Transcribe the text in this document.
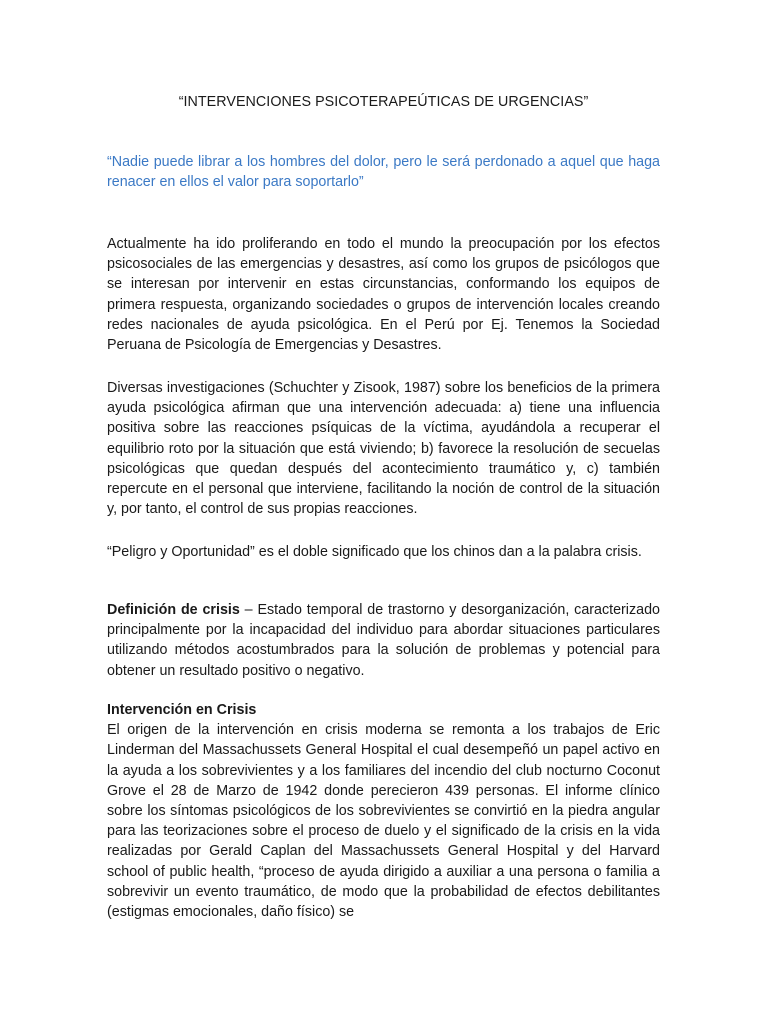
“INTERVENCIONES PSICOTERAPEÚTICAS DE URGENCIAS”
“Nadie puede librar a los hombres del dolor, pero le será perdonado a aquel que haga renacer en ellos el valor para soportarlo”
Actualmente ha ido proliferando en todo el mundo la preocupación por los efectos psicosociales de las emergencias y desastres, así como los grupos de psicólogos que se interesan por intervenir en estas circunstancias, conformando los equipos de primera respuesta, organizando sociedades o grupos de intervención locales creando redes nacionales de ayuda psicológica. En el Perú por Ej. Tenemos la Sociedad Peruana de Psicología de Emergencias y Desastres.
Diversas investigaciones (Schuchter y Zisook, 1987) sobre los beneficios de la primera ayuda psicológica afirman que una intervención adecuada: a) tiene una influencia positiva sobre las reacciones psíquicas de la víctima, ayudándola a recuperar el equilibrio roto por la situación que está viviendo; b) favorece la resolución de secuelas psicológicas que quedan después del acontecimiento traumático y, c) también repercute en el personal que interviene, facilitando la noción de control de la situación y, por tanto, el control de sus propias reacciones.
“Peligro y Oportunidad” es el doble significado que los chinos dan a la palabra crisis.
Definición de crisis – Estado temporal de trastorno y desorganización, caracterizado principalmente por la incapacidad del individuo para abordar situaciones particulares utilizando métodos acostumbrados para la solución de problemas y potencial para obtener un resultado positivo o negativo.
Intervención en Crisis
El origen de la intervención en crisis moderna se remonta a los trabajos de Eric Linderman del Massachussets General Hospital el cual desempeñó un papel activo en la ayuda a los sobrevivientes y a los familiares del incendio del club nocturno Coconut Grove el 28 de Marzo de 1942 donde perecieron 439 personas. El informe clínico sobre los síntomas psicológicos de los sobrevivientes se convirtió en la piedra angular para las teorizaciones sobre el proceso de duelo y el significado de la crisis en la vida realizadas por Gerald Caplan del Massachussets General Hospital y del Harvard school of public health, “proceso de ayuda dirigido a auxiliar a una persona o familia a sobrevivir un evento traumático, de modo que la probabilidad de efectos debilitantes (estigmas emocionales, daño físico) se
